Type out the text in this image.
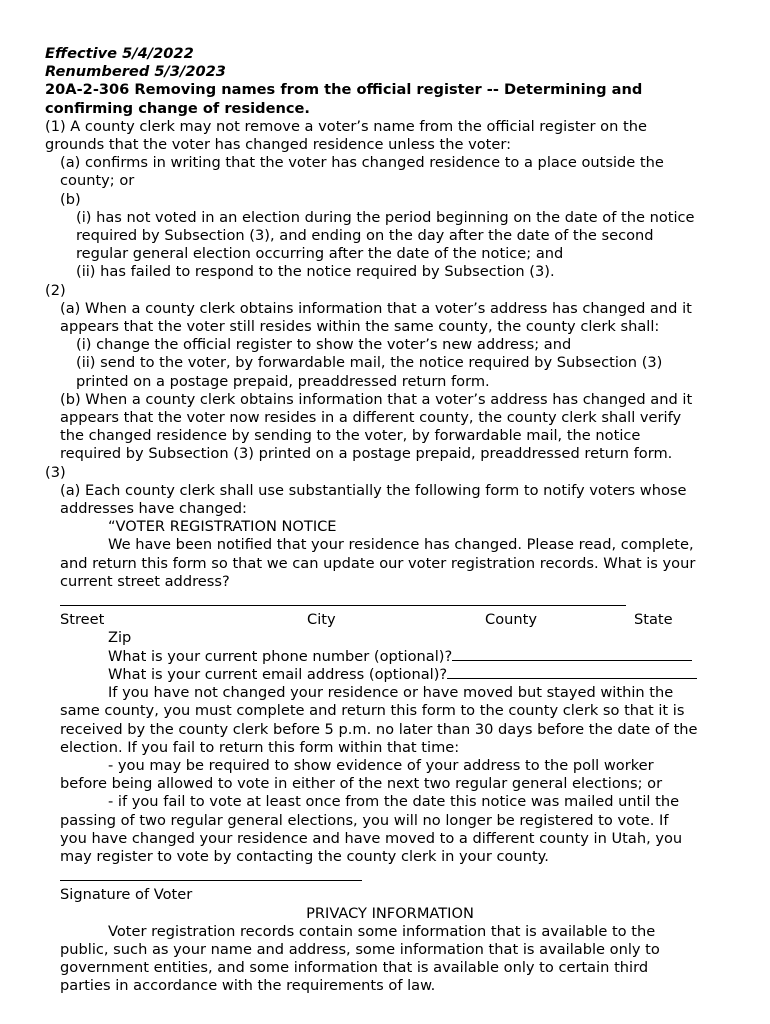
Effective 5/4/2022
Renumbered 5/3/2023
20A-2-306 Removing names from the official register -- Determining and
confirming change of residence.
(1) A county clerk may not remove a voter’s name from the official register on the
grounds that the voter has changed residence unless the voter:
(a) confirms in writing that the voter has changed residence to a place outside the
county; or
(b)
(i) has not voted in an election during the period beginning on the date of the notice
required by Subsection (3), and ending on the day after the date of the second
regular general election occurring after the date of the notice; and
(ii) has failed to respond to the notice required by Subsection (3).
(2)
(a) When a county clerk obtains information that a voter’s address has changed and it
appears that the voter still resides within the same county, the county clerk shall:
(i) change the official register to show the voter’s new address; and
(ii) send to the voter, by forwardable mail, the notice required by Subsection (3)
printed on a postage prepaid, preaddressed return form.
(b) When a county clerk obtains information that a voter’s address has changed and it
appears that the voter now resides in a different county, the county clerk shall verify
the changed residence by sending to the voter, by forwardable mail, the notice
required by Subsection (3) printed on a postage prepaid, preaddressed return form.
(3)
(a) Each county clerk shall use substantially the following form to notify voters whose
addresses have changed:
“VOTER REGISTRATION NOTICE
We have been notified that your residence has changed. Please read, complete,
and return this form so that we can update our voter registration records. What is your
current street address?
Street	City	County	State
Zip
What is your current phone number (optional)?
What is your current email address (optional)?
If you have not changed your residence or have moved but stayed within the
same county, you must complete and return this form to the county clerk so that it is
received by the county clerk before 5 p.m. no later than 30 days before the date of the
election. If you fail to return this form within that time:
- you may be required to show evidence of your address to the poll worker
before being allowed to vote in either of the next two regular general elections; or
- if you fail to vote at least once from the date this notice was mailed until the
passing of two regular general elections, you will no longer be registered to vote. If
you have changed your residence and have moved to a different county in Utah, you
may register to vote by contacting the county clerk in your county.
Signature of Voter
PRIVACY INFORMATION
Voter registration records contain some information that is available to the
public, such as your name and address, some information that is available only to
government entities, and some information that is available only to certain third
parties in accordance with the requirements of law.
